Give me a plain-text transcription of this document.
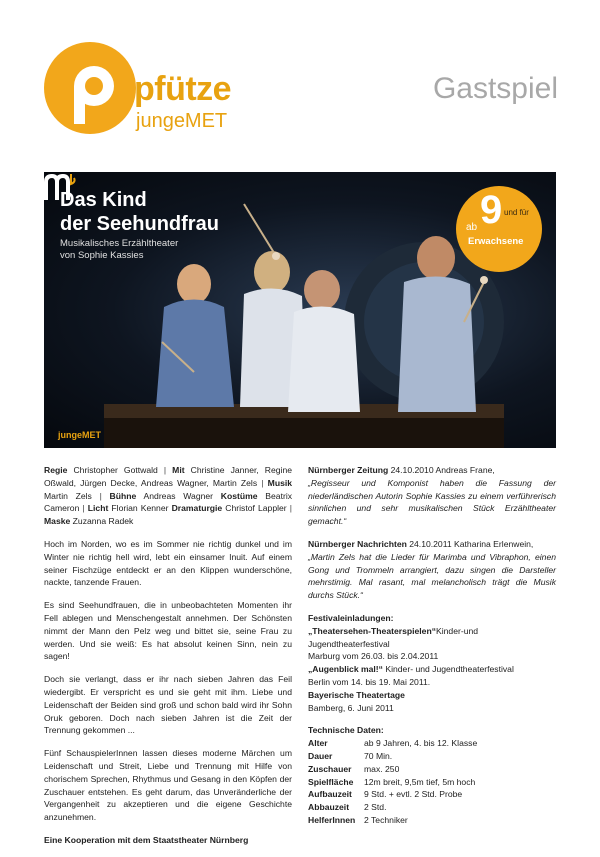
pfütze
jungeMET
Gastspiel
Das Kind
der Seehundfrau
Musikalisches Erzähltheater
von Sophie Kassies
9
ab
und für
Erwachsene
jungeMET

Regie Christopher Gottwald | Mit Christine Janner, Regine Oßwald, Jürgen Decke, Andreas Wagner, Martin Zels | Musik Martin Zels | Bühne Andreas Wagner Kostüme Beatrix Cameron | Licht Florian Kenner Dramaturgie Christof Lappler | Maske Zuzanna Radek

Hoch im Norden, wo es im Sommer nie richtig dunkel und im Winter nie richtig hell wird, lebt ein einsamer Inuit. Auf einem seiner Fischzüge entdeckt er an den Klippen wunderschöne, nackte, tanzende Frauen.

Es sind Seehundfrauen, die in unbeobachteten Momenten ihr Fell ablegen und Menschengestalt annehmen. Der Schönsten nimmt der Mann den Pelz weg und bittet sie, seine Frau zu werden. Und sie weiß: Es hat absolut keinen Sinn, nein zu sagen!

Doch sie verlangt, dass er ihr nach sieben Jahren das Feil wiedergibt. Er verspricht es und sie geht mit ihm. Liebe und Leidenschaft der Beiden sind groß und schon bald wird ihr Sohn Oruk geboren. Doch nach sieben Jahren ist die Zeit der Trennung gekommen ...

Fünf SchauspielerInnen lassen dieses moderne Märchen um Leidenschaft und Streit, Liebe und Trennung mit Hilfe von chorischem Sprechen, Rhythmus und Gesang in den Köpfen der Zuschauer entstehen. Es geht darum, das Unveränderliche der Vergangenheit zu akzeptieren und die eigene Geschichte anzunehmen.

Eine Kooperation mit dem Staatstheater Nürnberg

Nürnberger Zeitung 24.10.2010 Andreas Frane,

„Regisseur und Komponist haben die Fassung der niederländischen Autorin Sophie Kassies zu einem verführerisch sinnlichen und sehr musikalischen Stück Erzähltheater gemacht.“

Nürnberger Nachrichten 24.10.2011 Katharina Erlenwein,

„Martin Zels hat die Lieder für Marimba und Vibraphon, einen Gong und Trommeln arrangiert, dazu singen die Darsteller mehrstimig. Mal rasant, mal melancholisch trägt die Musik durchs Stück.“

Festivaleinladungen:
„Theatersehen-Theaterspielen“Kinder-und Jugendtheaterfestival
Marburg vom 26.03. bis 2.04.2011
„Augenblick mal!“ Kinder- und Jugendtheaterfestival
Berlin vom 14. bis 19. Mai 2011.
Bayerische Theatertage
Bamberg, 6. Juni 2011
Technische Daten:
Alter	ab 9 Jahren, 4. bis 12. Klasse
Dauer	70 Min.
Zuschauer	max. 250
Spielfläche	12m breit, 9,5m tief, 5m hoch
Aufbauzeit	9 Std. + evtl. 2 Std. Probe
Abbauzeit	2 Std.
HelferInnen	2 Techniker
